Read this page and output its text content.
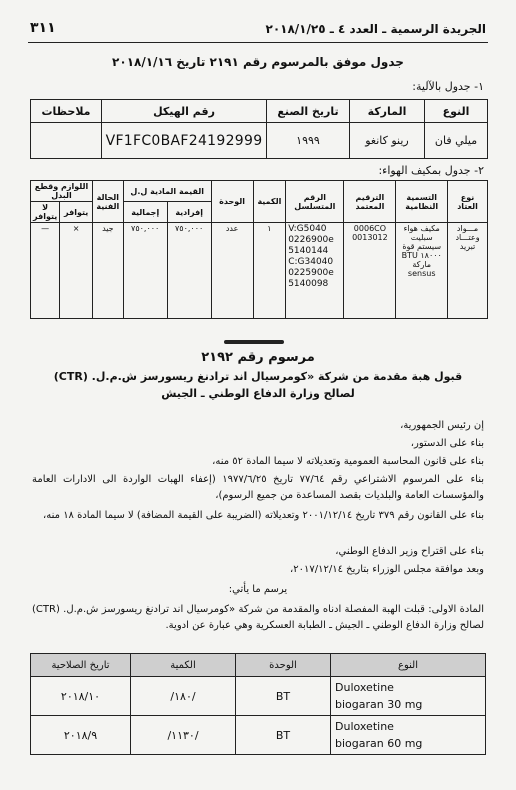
٣١١	الجريدة الرسمية ـ العدد ٤ ـ ٢٠١٨/١/٢٥
جدول موفق بالمرسوم رقم ٢١٩١ تاريخ ٢٠١٨/١/١٦
١- جدول بالآلية:
النوع	الماركة	تاريخ الصنع	رقم الهيكل	ملاحظات
ميلي فان	رينو كانغو	١٩٩٩	VF1FC0BAF24192999	
٢- جدول بمكيف الهواء:
نوع العتاد	التسمية النظامية	الترقيم المعتمد	الرقم المتسلسل	الكمية	الوحدة	القيمة المادية ل.ل		الحالة الفنية	اللوازم وقطع البدل	
						إفرادية	إجمالية		يتوافر	لا يتوافر
مـــواد وعتـــاد تبريد	مكيف هواء سبليت سيستم قوة ١٨٠٠٠ BTU ماركة sensus	0006CO 0013012	V:G5040 0226900e 5140144 C:G34040 0225900e 5140098	١	عدد	٧٥٠,٠٠٠	٧٥٠,٠٠٠	جيد	×	—
مرسوم رقم ٢١٩٢
قبول هبة مقدمة من شركة «كومرسيال اند ترادنغ ريسورسز ش.م.ل. (CTR)
لصالح وزارة الدفاع الوطني ـ الجيش
إن رئيس الجمهورية،
بناء على الدستور،
بناء على قانون المحاسبة العمومية وتعديلاته لا سيما المادة ٥٢ منه،
بناء على المرسوم الاشتراعي رقم ٧٧/٦٤ تاريخ ١٩٧٧/٦/٢٥ (إعفاء الهبات الواردة الى الادارات العامة والمؤسسات العامة والبلديات بقصد المساعدة من جميع الرسوم)،
بناء على القانون رقم ٣٧٩ تاريخ ٢٠٠١/١٢/١٤ وتعديلاته (الضريبة على القيمة المضافة) لا سيما المادة ١٨ منه،
بناء على اقتراح وزير الدفاع الوطني،
وبعد موافقة مجلس الوزراء بتاريخ ٢٠١٧/١٢/١٤،
يرسم ما يأتي:
المادة الاولى: قبلت الهبة المفصلة ادناه والمقدمة من شركة «كومرسيال اند ترادنغ ريسورسز ش.م.ل. (CTR) لصالح وزارة الدفاع الوطني ـ الجيش ـ الطبابة العسكرية وهي عبارة عن ادوية.
النوع	الوحدة	الكمية	تاريخ الصلاحية

Duloxetine
biogaran 30 mg	BT	/١٨٠/	٢٠١٨/١٠

Duloxetine
biogaran 60 mg	BT	/١١٣٠/	٢٠١٨/٩
